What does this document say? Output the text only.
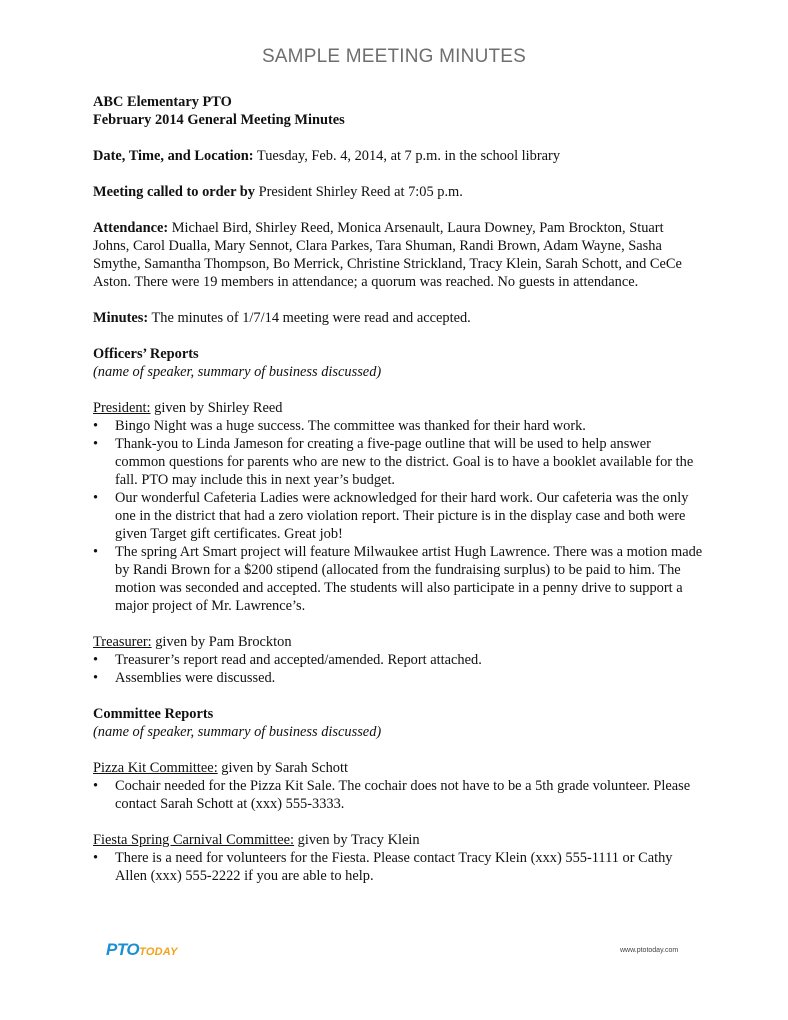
SAMPLE MEETING MINUTES

ABC Elementary PTO

February 2014 General Meeting Minutes

Date, Time, and Location: Tuesday, Feb. 4, 2014, at 7 p.m. in the school library

Meeting called to order by President Shirley Reed at 7:05 p.m.

Attendance: Michael Bird, Shirley Reed, Monica Arsenault, Laura Downey, Pam Brockton, Stuart Johns, Carol Dualla, Mary Sennot, Clara Parkes, Tara Shuman, Randi Brown, Adam Wayne, Sasha Smythe, Samantha Thompson, Bo Merrick, Christine Strickland, Tracy Klein, Sarah Schott, and CeCe Aston. There were 19 members in attendance; a quorum was reached. No guests in attendance.

Minutes: The minutes of 1/7/14 meeting were read and accepted.

Officers’ Reports

(name of speaker, summary of business discussed)

President: given by Shirley Reed

• Bingo Night was a huge success. The committee was thanked for their hard work.
• Thank-you to Linda Jameson for creating a five-page outline that will be used to help answer common questions for parents who are new to the district. Goal is to have a booklet available for the fall. PTO may include this in next year’s budget.
• Our wonderful Cafeteria Ladies were acknowledged for their hard work. Our cafeteria was the only one in the district that had a zero violation report. Their picture is in the display case and both were given Target gift certificates. Great job!
• The spring Art Smart project will feature Milwaukee artist Hugh Lawrence. There was a motion made by Randi Brown for a $200 stipend (allocated from the fundraising surplus) to be paid to him. The motion was seconded and accepted. The students will also participate in a penny drive to support a major project of Mr. Lawrence’s.

Treasurer: given by Pam Brockton

• Treasurer’s report read and accepted/amended. Report attached.
• Assemblies were discussed.

Committee Reports

(name of speaker, summary of business discussed)

Pizza Kit Committee: given by Sarah Schott

• Cochair needed for the Pizza Kit Sale. The cochair does not have to be a 5th grade volunteer. Please contact Sarah Schott at (xxx) 555-3333.

Fiesta Spring Carnival Committee: given by Tracy Klein

• There is a need for volunteers for the Fiesta. Please contact Tracy Klein (xxx) 555-1111 or Cathy Allen (xxx) 555-2222 if you are able to help.
PTOTODAY	www.ptotoday.com
